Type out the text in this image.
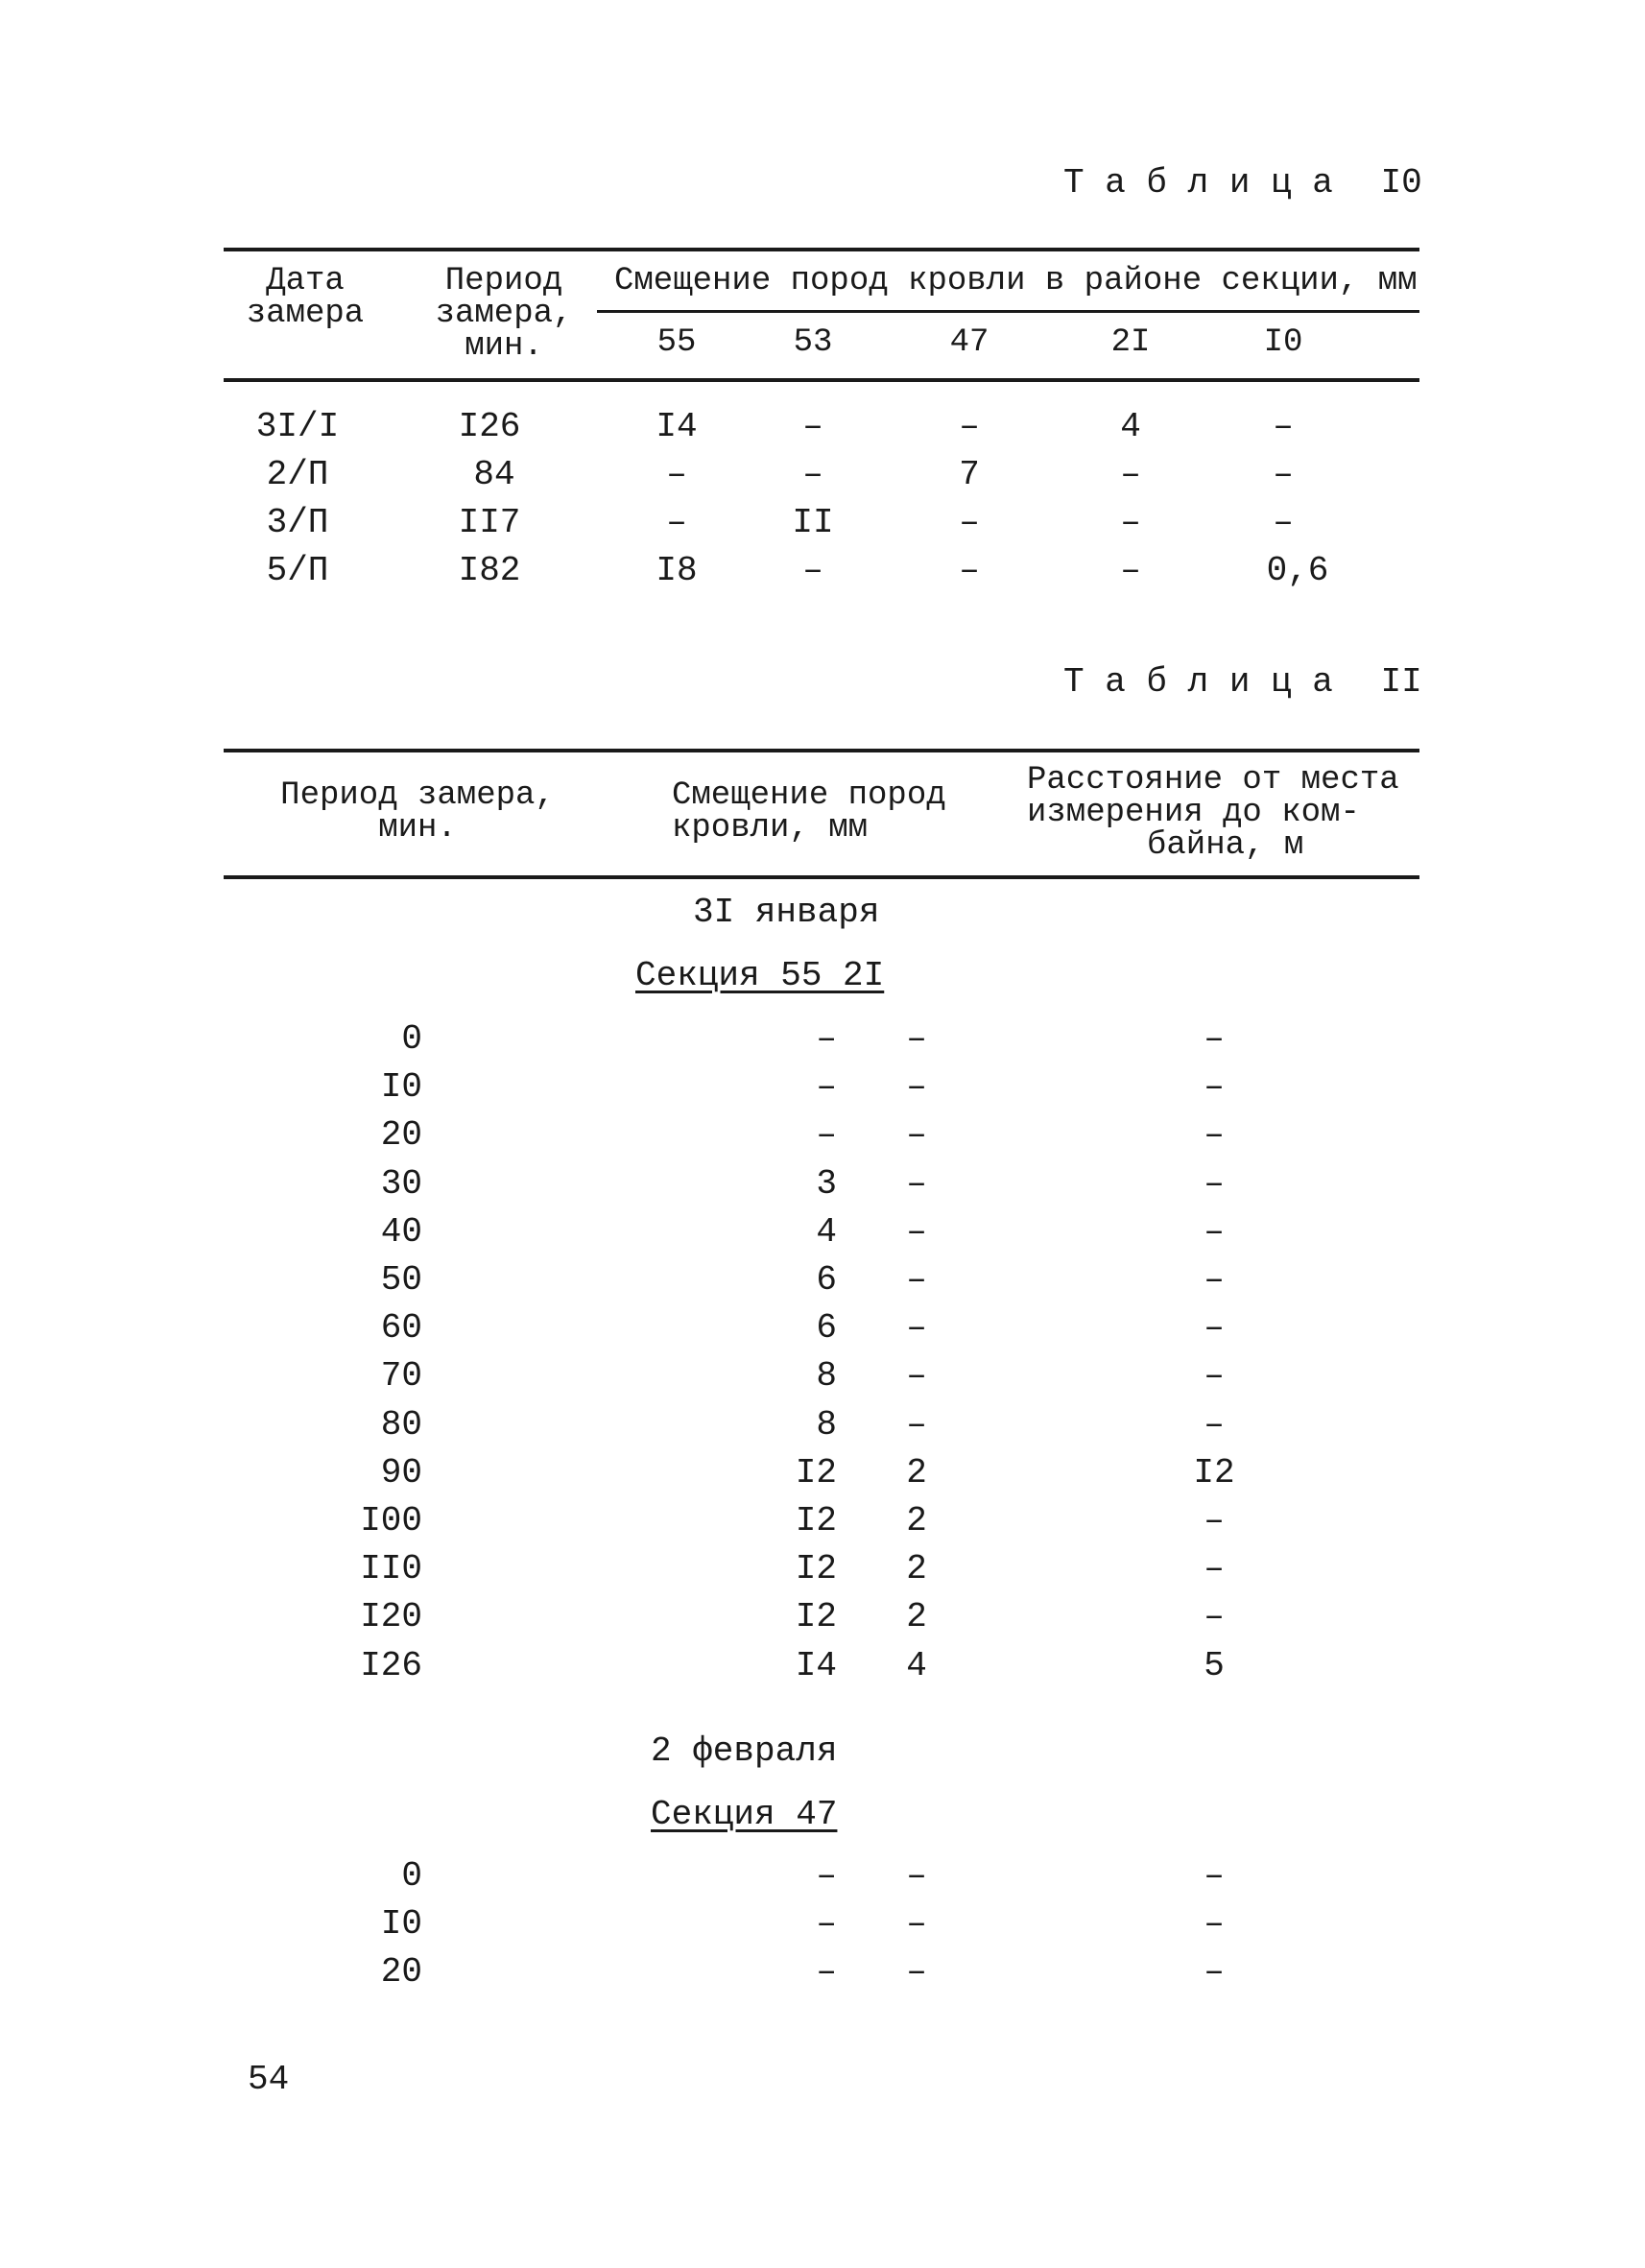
Т а б л и ц а I0
Дата
замера
Период
замера,
мин.
Смещение пород кровли в районе секции, мм
55	53	47	2I	I0
3I/I	I26	I4	–	–	4	–
2/П	84	–	–	7	–	–
3/П	II7	–	II	–	–	–
5/П	I82	I8	–	–	–	0,6
Т а б л и ц а II
Период замера,
мин.
Смещение пород
кровли, мм
Расстояние от места
измерения до ком-
байна, м
3I января
Секция 55 2I
0	–	–	–
I0	–	–	–
20	–	–	–
30	3	–	–
40	4	–	–
50	6	–	–
60	6	–	–
70	8	–	–
80	8	–	–
90	I2	2	I2
I00	I2	2	–
II0	I2	2	–
I20	I2	2	–
I26	I4	4	5
2 февраля
Секция 47
0	–	–	–
I0	–	–	–
20	–	–	–
54
